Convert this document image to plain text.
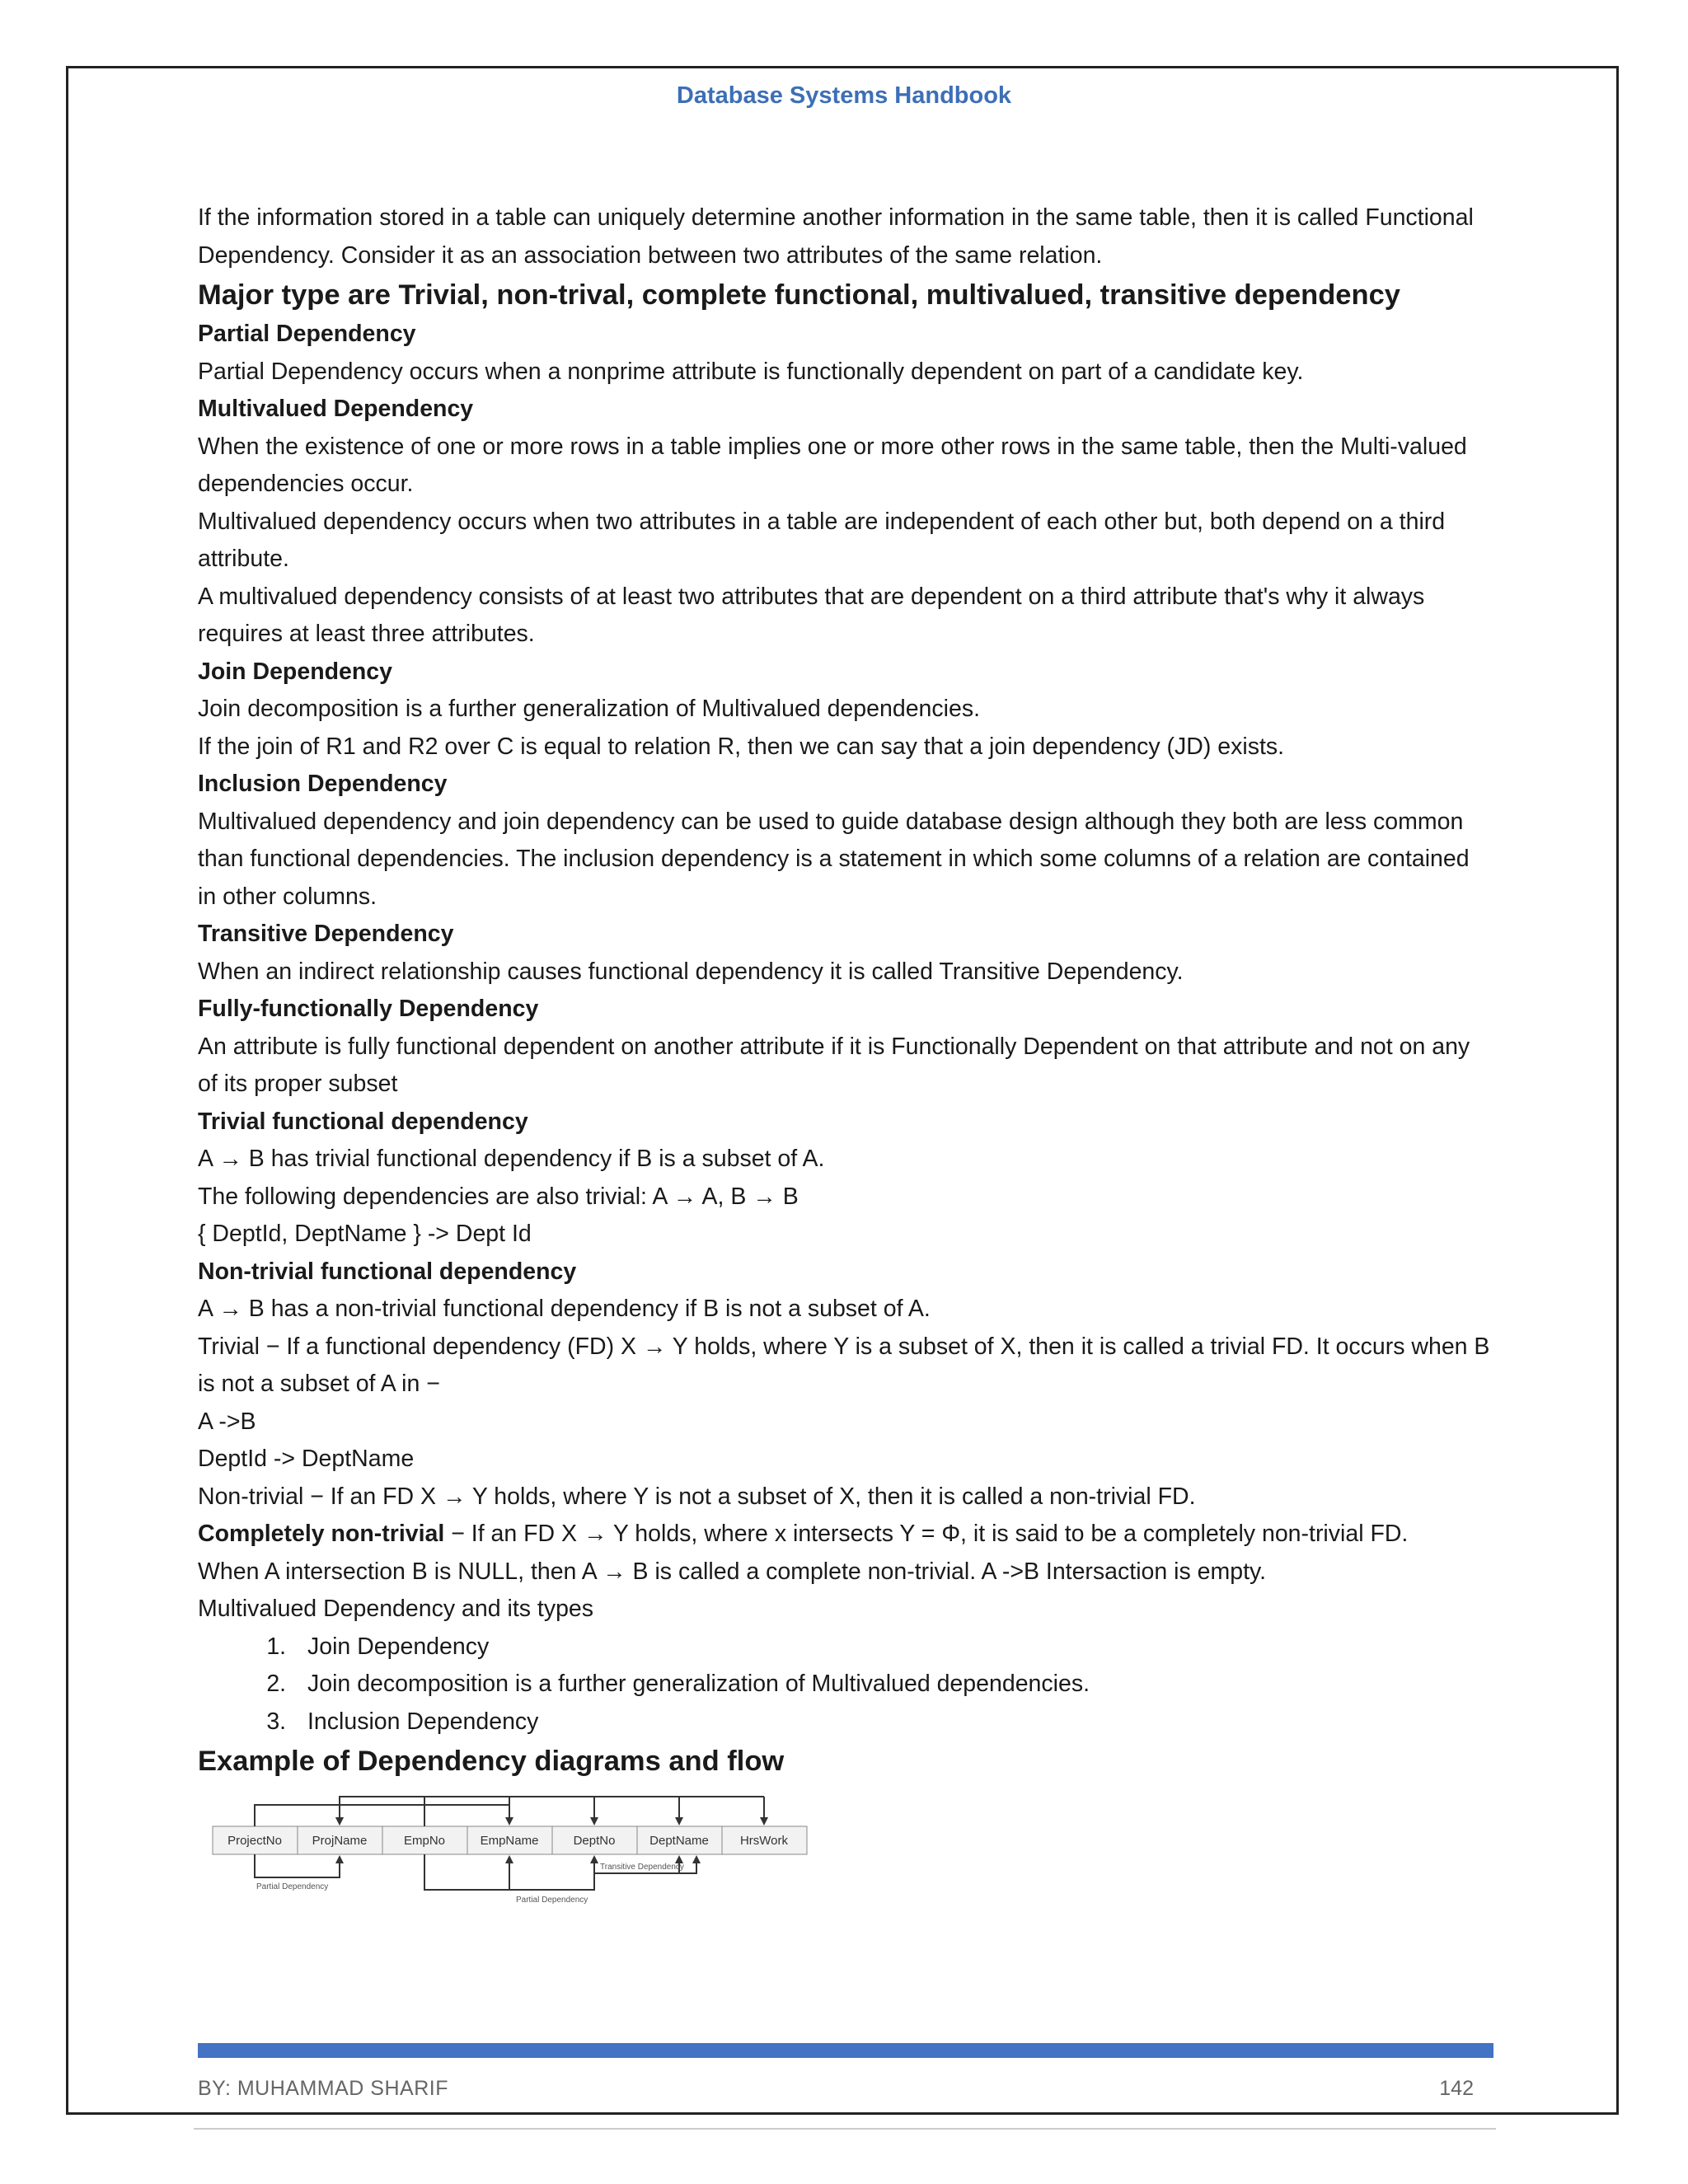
Database Systems Handbook

If the information stored in a table can uniquely determine another information in the same table, then it is called Functional Dependency. Consider it as an association between two attributes of the same relation.

Major type are Trivial, non-trival, complete functional, multivalued, transitive dependency
Partial Dependency

Partial Dependency occurs when a nonprime attribute is functionally dependent on part of a candidate key.

Multivalued Dependency

When the existence of one or more rows in a table implies one or more other rows in the same table, then the Multi-valued dependencies occur.

Multivalued dependency occurs when two attributes in a table are independent of each other but, both depend on a third attribute.

A multivalued dependency consists of at least two attributes that are dependent on a third attribute that's why it always requires at least three attributes.

Join Dependency

Join decomposition is a further generalization of Multivalued dependencies.

If the join of R1 and R2 over C is equal to relation R, then we can say that a join dependency (JD) exists.

Inclusion Dependency

Multivalued dependency and join dependency can be used to guide database design although they both are less common than functional dependencies. The inclusion dependency is a statement in which some columns of a relation are contained in other columns.

Transitive Dependency

When an indirect relationship causes functional dependency it is called Transitive Dependency.

Fully-functionally Dependency

An attribute is fully functional dependent on another attribute if it is Functionally Dependent on that attribute and not on any of its proper subset

Trivial functional dependency

A → B has trivial functional dependency if B is a subset of A.

The following dependencies are also trivial: A → A, B → B

{ DeptId, DeptName } -> Dept Id

Non-trivial functional dependency

A → B has a non-trivial functional dependency if B is not a subset of A.

Trivial − If a functional dependency (FD) X → Y holds, where Y is a subset of X, then it is called a trivial FD. It occurs when B is not a subset of A in −

A ->B

DeptId -> DeptName

Non-trivial − If an FD X → Y holds, where Y is not a subset of X, then it is called a non-trivial FD.

Completely non-trivial − If an FD X → Y holds, where x intersects Y = Φ, it is said to be a completely non-trivial FD.

When A intersection B is NULL, then A → B is called a complete non-trivial. A ->B Intersaction is empty.

Multivalued Dependency and its types

1. Join Dependency
2. Join decomposition is a further generalization of Multivalued dependencies.
3. Inclusion Dependency
Example of Dependency diagrams and flow
ProjectNo ProjName	EmpNo	EmpName	DeptNo	DeptName	HrsWork
Partial Dependency
Transitive Dependency
Partial Dependency
BY: MUHAMMAD SHARIF	142
